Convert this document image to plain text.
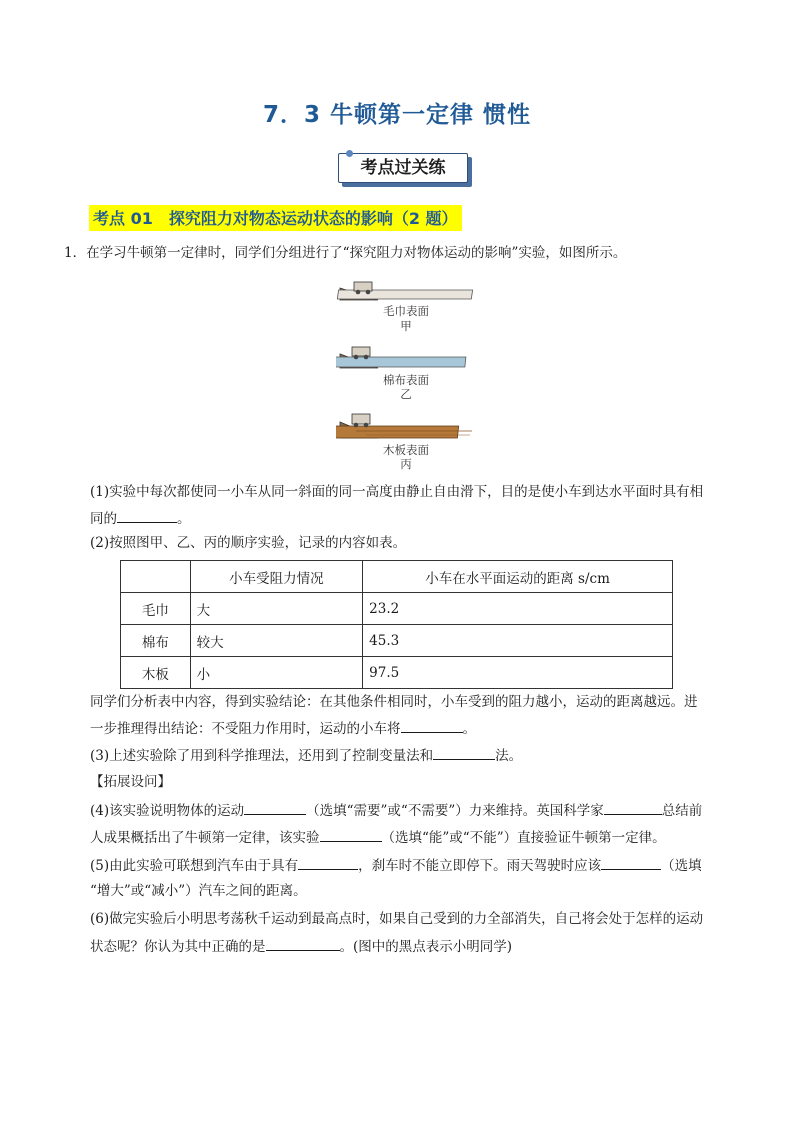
7．3 牛顿第一定律 惯性
考点过关练
考点 01　探究阻力对物态运动状态的影响（2 题）
1．在学习牛顿第一定律时，同学们分组进行了“探究阻力对物体运动的影响”实验，如图所示。
毛巾表面
甲
棉布表面
乙
木板表面
丙
(1)实验中每次都使同一小车从同一斜面的同一高度由静止自由滑下，目的是使小车到达水平面时具有相
同的	。
(2)按照图甲、乙、丙的顺序实验，记录的内容如表。
	小车受阻力情况	小车在水平面运动的距离 s/cm
毛巾	大	23.2
棉布	较大	45.3
木板	小	97.5
同学们分析表中内容，得到实验结论：在其他条件相同时，小车受到的阻力越小，运动的距离越远。进
一步推理得出结论：不受阻力作用时，运动的小车将	。
(3)上述实验除了用到科学推理法，还用到了控制变量法和	法。
【拓展设问】
(4)该实验说明物体的运动	（选填“需要”或“不需要”）力来维持。英国科学家	总结前
人成果概括出了牛顿第一定律，该实验	（选填“能”或“不能”）直接验证牛顿第一定律。
(5)由此实验可联想到汽车由于具有	，刹车时不能立即停下。雨天驾驶时应该	（选填
“增大”或“减小”）汽车之间的距离。
(6)做完实验后小明思考荡秋千运动到最高点时，如果自己受到的力全部消失，自己将会处于怎样的运动
状态呢？你认为其中正确的是	。(图中的黑点表示小明同学)
